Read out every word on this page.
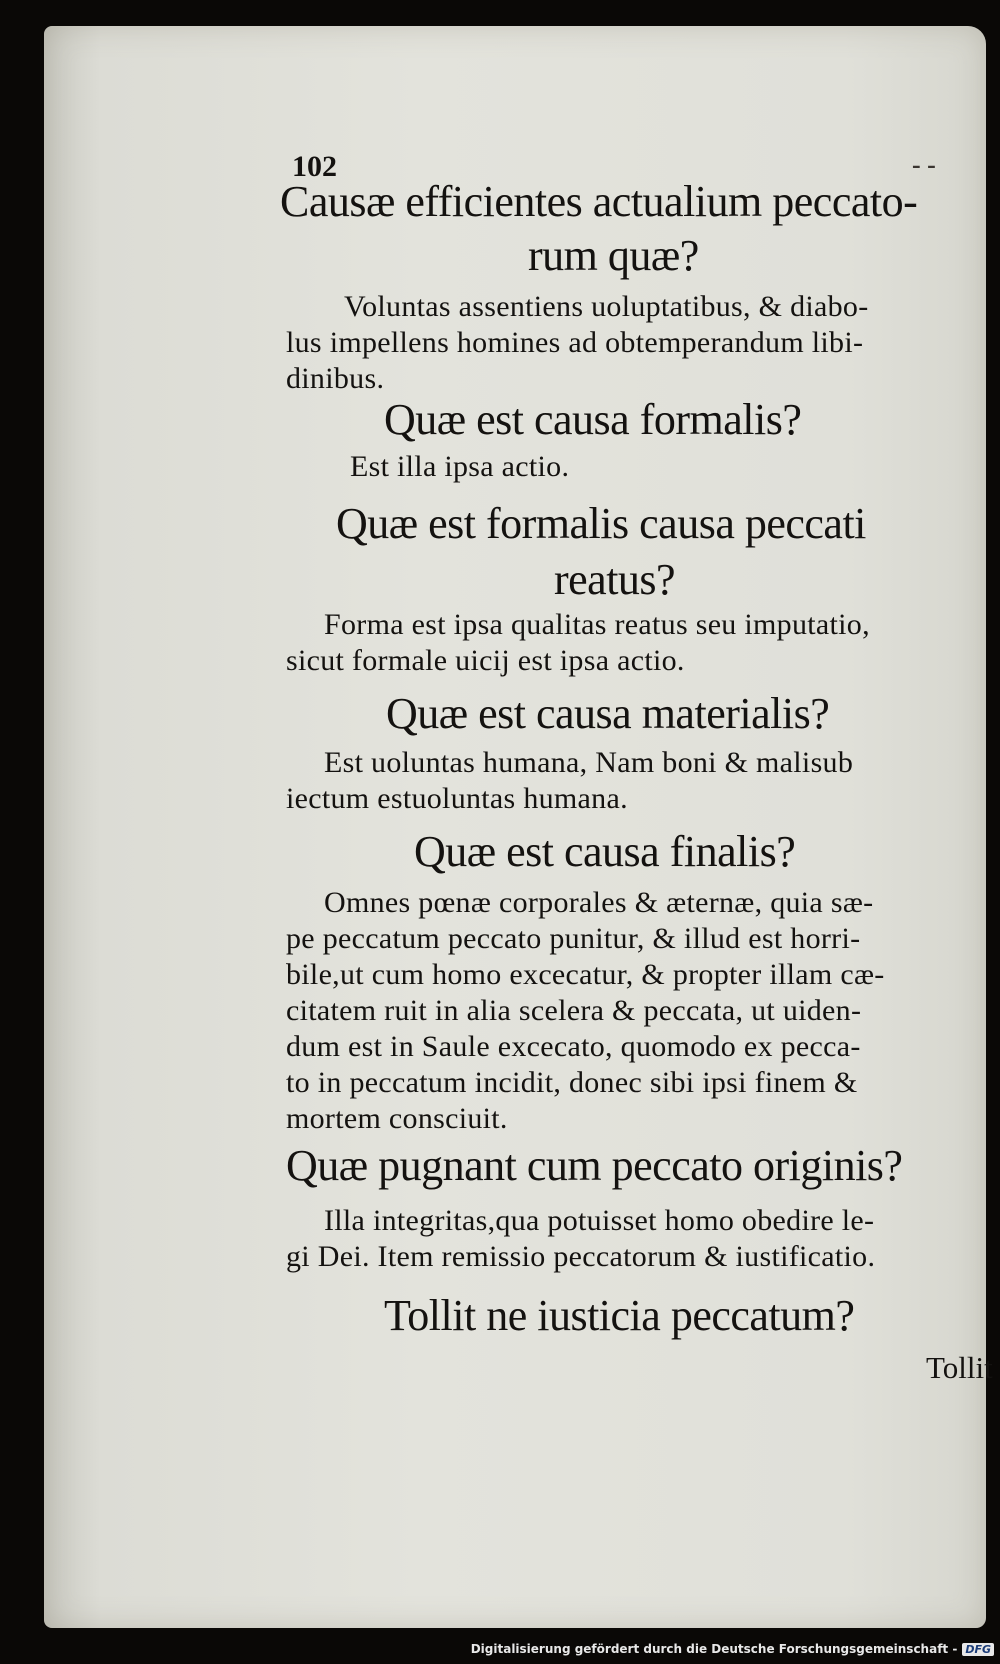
102	- -
Causæ efficientes actualium peccato-
rum quæ?
Voluntas assentiens uoluptatibus, & diabo-
lus impellens homines ad obtemperandum libi-
dinibus.
Quæ est causa formalis?
Est illa ipsa actio.
Quæ est formalis causa peccati
reatus?
Forma est ipsa qualitas reatus seu imputatio,
sicut formale uicij est ipsa actio.
Quæ est causa materialis?
Est uoluntas humana, Nam boni & malisub
iectum estuoluntas humana.
Quæ est causa finalis?
Omnes pœnæ corporales & æternæ, quia sæ-
pe peccatum peccato punitur, & illud est horri-
bile,ut cum homo excecatur, & propter illam cæ-
citatem ruit in alia scelera & peccata, ut uiden-
dum est in Saule excecato, quomodo ex pecca-
to in peccatum incidit, donec sibi ipsi finem &
mortem consciuit.
Quæ pugnant cum peccato originis?
Illa integritas,qua potuisset homo obedire le-
gi Dei. Item remissio peccatorum & iustificatio.
Tollit ne iusticia peccatum?
Tollit
Digitalisierung gefördert durch die Deutsche Forschungsgemeinschaft - DFG
